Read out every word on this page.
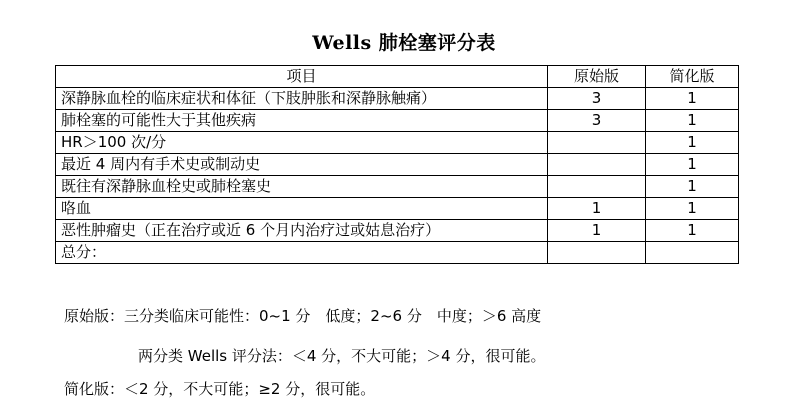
Wells 肺栓塞评分表
项目	原始版	简化版
深静脉血栓的临床症状和体征（下肢肿胀和深静脉触痛）	3	1
肺栓塞的可能性大于其他疾病	3	1
HR＞100 次/分		1
最近 4 周内有手术史或制动史		1
既往有深静脉血栓史或肺栓塞史		1
咯血	1	1
恶性肿瘤史（正在治疗或近 6 个月内治疗过或姑息治疗）	1	1
总分：		
原始版：三分类临床可能性：0~1 分　低度；2~6 分　中度；＞6 高度
两分类 Wells 评分法：＜4 分，不大可能；＞4 分，很可能。
简化版：＜2 分，不大可能；≥2 分，很可能。
